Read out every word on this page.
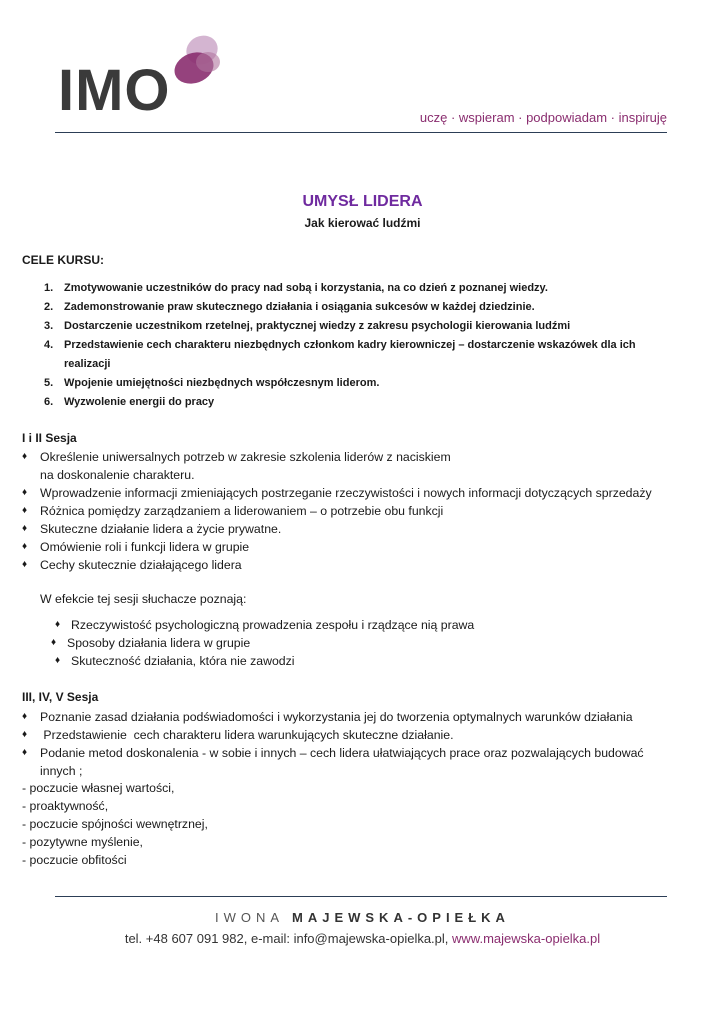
IMO	uczę · wspieram · podpowiadam · inspiruję
UMYSŁ LIDERA
Jak kierować ludźmi
CELE KURSU:
1. Zmotywowanie uczestników do pracy nad sobą i korzystania, na co dzień z poznanej wiedzy.
2. Zademonstrowanie praw skutecznego działania i osiągania sukcesów w każdej dziedzinie.
3. Dostarczenie uczestnikom rzetelnej, praktycznej wiedzy z zakresu psychologii kierowania ludźmi
4. Przedstawienie cech charakteru niezbędnych członkom kadry kierowniczej – dostarczenie wskazówek dla ich realizacji
5. Wpojenie umiejętności niezbędnych współczesnym liderom.
6. Wyzwolenie energii do pracy
I i II Sesja
♦	Określenie uniwersalnych potrzeb w zakresie szkolenia liderów z naciskiem
na doskonalenie charakteru.
♦	Wprowadzenie informacji zmieniających postrzeganie rzeczywistości i nowych informacji dotyczących sprzedaży
♦	Różnica pomiędzy zarządzaniem a liderowaniem – o potrzebie obu funkcji
♦	Skuteczne działanie lidera a życie prywatne.
♦	Omówienie roli i funkcji lidera w grupie
♦	Cechy skutecznie działającego lidera
W efekcie tej sesji słuchacze poznają:
♦ Rzeczywistość psychologiczną prowadzenia zespołu i rządzące nią prawa
♦ Sposoby działania lidera w grupie
♦ Skuteczność działania, która nie zawodzi
III, IV, V Sesja
♦	Poznanie zasad działania podświadomości i wykorzystania jej do tworzenia optymalnych warunków działania
♦	Przedstawienie  cech charakteru lidera warunkujących skuteczne działanie.
♦	Podanie metod doskonalenia - w sobie i innych – cech lidera ułatwiających prace oraz pozwalających budować
innych ;
- poczucie własnej wartości,
- proaktywność,
- poczucie spójności wewnętrznej,
- pozytywne myślenie,
- poczucie obfitości
IWONA MAJEWSKA-OPIEŁKA
tel. +48 607 091 982, e-mail: info@majewska-opielka.pl, www.majewska-opielka.pl
